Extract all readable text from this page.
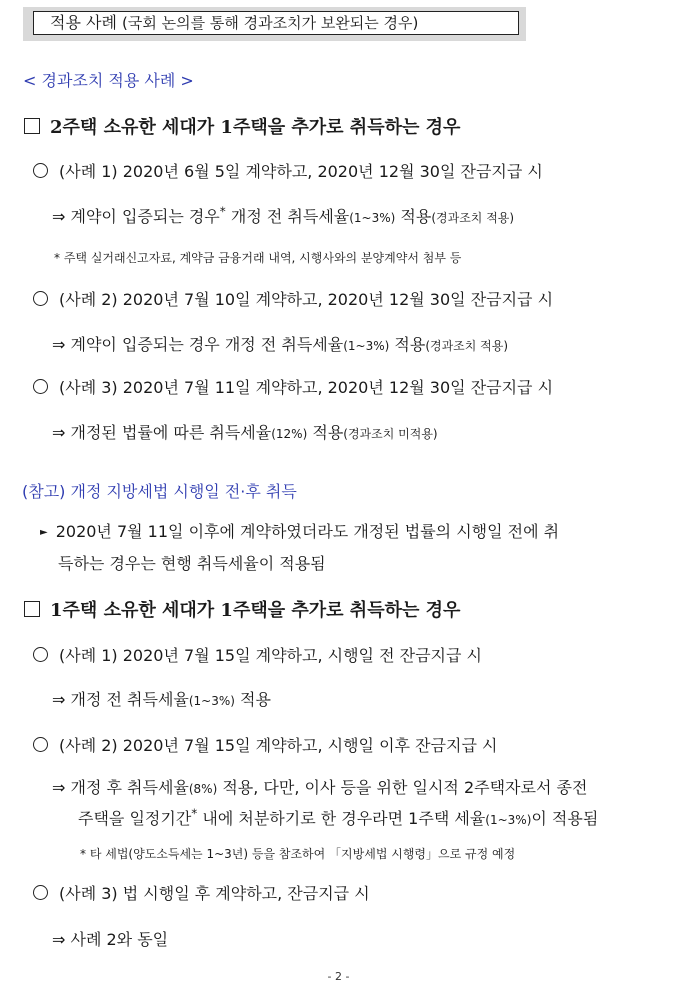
적용 사례 (국회 논의를 통해 경과조치가 보완되는 경우)
< 경과조치 적용 사례 >
2주택 소유한 세대가 1주택을 추가로 취득하는 경우
(사례 1) 2020년 6월 5일 계약하고, 2020년 12월 30일 잔금지급 시
⇒ 계약이 입증되는 경우* 개정 전 취득세율(1~3%) 적용(경과조치 적용)
* 주택 실거래신고자료, 계약금 금융거래 내역, 시행사와의 분양계약서 첨부 등
(사례 2) 2020년 7월 10일 계약하고, 2020년 12월 30일 잔금지급 시
⇒ 계약이 입증되는 경우 개정 전 취득세율(1~3%) 적용(경과조치 적용)
(사례 3) 2020년 7월 11일 계약하고, 2020년 12월 30일 잔금지급 시
⇒ 개정된 법률에 따른 취득세율(12%) 적용(경과조치 미적용)
(참고) 개정 지방세법 시행일 전·후 취득
► 2020년 7월 11일 이후에 계약하였더라도 개정된 법률의 시행일 전에 취
득하는 경우는 현행 취득세율이 적용됨
1주택 소유한 세대가 1주택을 추가로 취득하는 경우
(사례 1) 2020년 7월 15일 계약하고, 시행일 전 잔금지급 시
⇒ 개정 전 취득세율(1~3%) 적용
(사례 2) 2020년 7월 15일 계약하고, 시행일 이후 잔금지급 시
⇒ 개정 후 취득세율(8%) 적용, 다만, 이사 등을 위한 일시적 2주택자로서 종전
주택을 일정기간* 내에 처분하기로 한 경우라면 1주택 세율(1~3%)이 적용됨
* 타 세법(양도소득세는 1~3년) 등을 참조하여 「지방세법 시행령」으로 규정 예정
(사례 3) 법 시행일 후 계약하고, 잔금지급 시
⇒ 사례 2와 동일
- 2 -
